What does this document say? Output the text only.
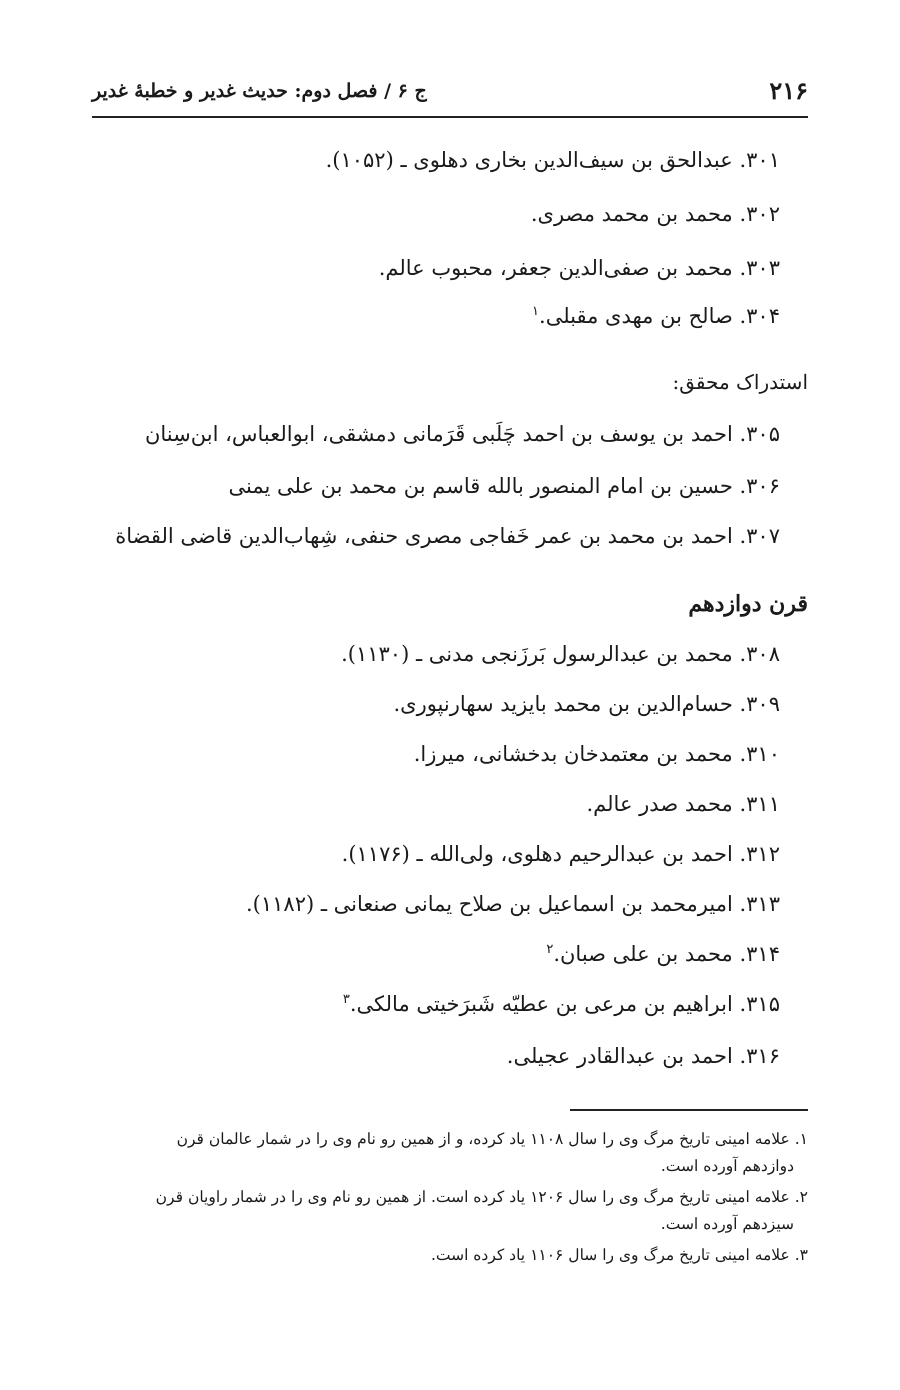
۲۱۶
ج ۶ / فصل دوم: حدیث غدیر و خطبهٔ غدیر
۳۰۱. عبدالحق بن سیف‌الدین بخاری دهلوی ـ (۱۰۵۲).
۳۰۲. محمد بن محمد مصری.
۳۰۳. محمد بن صفی‌الدین جعفر، محبوب عالم.
۳۰۴. صالح بن مهدی مقبلی.$^۱$
استدراک محقق:
۳۰۵. احمد بن یوسف بن احمد چَلَبی قَرَمانی دمشقی، ابوالعباس، ابن‌سِنان
۳۰۶. حسین بن امام المنصور بالله قاسم بن محمد بن علی یمنی
۳۰۷. احمد بن محمد بن عمر خَفاجی مصری حنفی، شِهاب‌الدین قاضی القضاة
قرن دوازدهم
۳۰۸. محمد بن عبدالرسول بَرزَنجی مدنی ـ (۱۱۳۰).
۳۰۹. حسام‌الدین بن محمد بایزید سهارنپوری.
۳۱۰. محمد بن معتمدخان بدخشانی، میرزا.
۳۱۱. محمد صدر عالم.
۳۱۲. احمد بن عبدالرحیم دهلوی، ولی‌الله ـ (۱۱۷۶).
۳۱۳. امیرمحمد بن اسماعیل بن صلاح یمانی صنعانی ـ (۱۱۸۲).
۳۱۴. محمد بن علی صبان.$^۲$
۳۱۵. ابراهیم بن مرعی بن عطیّه شَبرَخیتی مالکی.$^۳$
۳۱۶. احمد بن عبدالقادر عجیلی.
۱. علامه امینی تاریخ مرگ وی را سال ۱۱۰۸ یاد کرده، و از همین رو نام وی را در شمار عالمان قرن
دوازدهم آورده است.
۲. علامه امینی تاریخ مرگ وی را سال ۱۲۰۶ یاد کرده است. از همین رو نام وی را در شمار راویان قرن
سیزدهم آورده است.
۳. علامه امینی تاریخ مرگ وی را سال ۱۱۰۶ یاد کرده است.
